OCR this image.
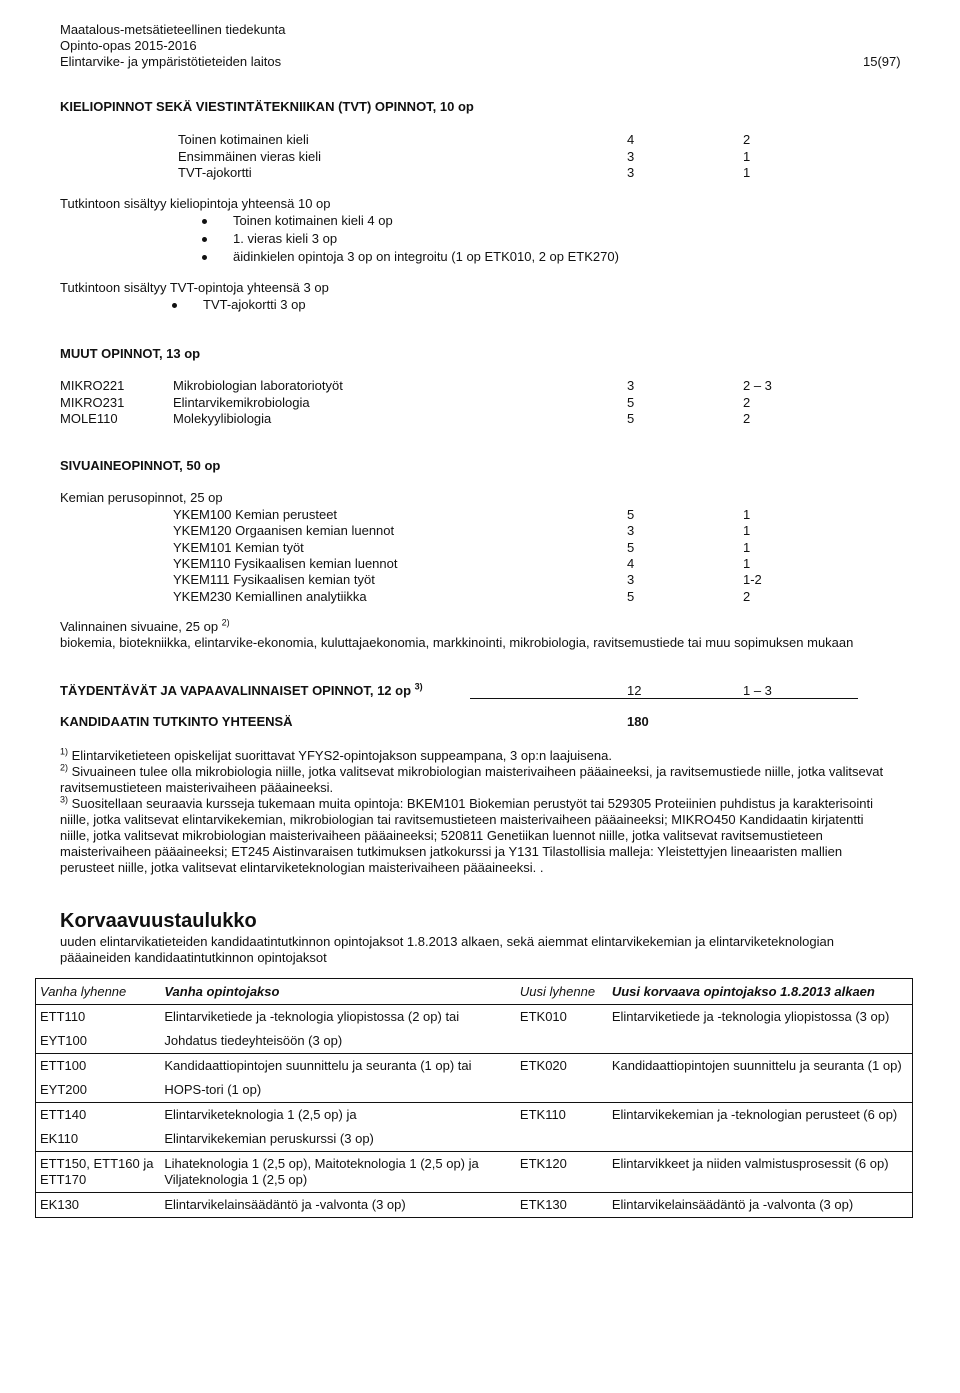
Maatalous-metsätieteellinen tiedekunta
Opinto-opas 2015-2016
Elintarvike- ja ympäristötieteiden laitos	15(97)
KIELIOPINNOT SEKÄ VIESTINTÄTEKNIIKAN (TVT) OPINNOT, 10 op
Tutkintoon sisältyy kieliopintoja yhteensä 10 op
Tutkintoon sisältyy TVT-opintoja yhteensä 3 op
MUUT OPINNOT, 13 op
SIVUAINEOPINNOT, 50 op
Kemian perusopinnot, 25 op
Valinnainen sivuaine, 25 op $^{2)}$
biokemia, biotekniikka, elintarvike-ekonomia, kuluttajaekonomia, markkinointi, mikrobiologia, ravitsemustiede tai muu sopimuksen mukaan
TÄYDENTÄVÄT JA VAPAAVALINNAISET OPINNOT, 12 op $^{3)}$	12	1 – 3
KANDIDAATIN TUTKINTO YHTEENSÄ	180
$^{1)}$ Elintarviketieteen opiskelijat suorittavat YFYS2-opintojakson suppeampana, 3 op:n laajuisena.
$^{2)}$ Sivuaineen tulee olla mikrobiologia niille, jotka valitsevat mikrobiologian maisterivaiheen pääaineeksi, ja ravitsemustiede niille, jotka valitsevat ravitsemustieteen maisterivaiheen pääaineeksi.
$^{3)}$ Suositellaan seuraavia kursseja tukemaan muita opintoja: BKEM101 Biokemian perustyöt tai 529305 Proteiinien puhdistus ja karakterisointi niille, jotka valitsevat elintarvikekemian, mikrobiologian tai ravitsemustieteen maisterivaiheen pääaineeksi; MIKRO450 Kandidaatin kirjatentti niille, jotka valitsevat mikrobiologian maisterivaiheen pääaineeksi; 520811 Genetiikan luennot niille, jotka valitsevat ravitsemustieteen maisterivaiheen pääaineeksi; ET245 Aistinvaraisen tutkimuksen jatkokurssi ja Y131 Tilastollisia malleja: Yleistettyjen lineaaristen mallien perusteet niille, jotka valitsevat elintarviketeknologian maisterivaiheen pääaineeksi. .
Korvaavuustaulukko
uuden elintarvikatieteiden kandidaatintutkinnon opintojaksot 1.8.2013 alkaen, sekä aiemmat elintarvikekemian ja elintarviketeknologian pääaineiden kandidaatintutkinnon opintojaksot
Vanha lyhenne	Vanha opintojakso	Uusi lyhenne	Uusi korvaava opintojakso 1.8.2013 alkaen
ETT110	Elintarviketiede ja -teknologia yliopistossa (2 op) tai	ETK010	Elintarviketiede ja -teknologia yliopistossa (3 op)
EYT100	Johdatus tiedeyhteisöön (3 op)		
ETT100	Kandidaattiopintojen suunnittelu ja seuranta (1 op) tai	ETK020	Kandidaattiopintojen suunnittelu ja seuranta (1 op)
EYT200	HOPS-tori (1 op)		
ETT140	Elintarviketeknologia 1 (2,5 op) ja	ETK110	Elintarvikekemian ja -teknologian perusteet (6 op)
EK110	Elintarvikekemian peruskurssi (3 op)		
ETT150, ETT160 ja ETT170	Lihateknologia 1 (2,5 op), Maitoteknologia 1 (2,5 op) ja Viljateknologia 1 (2,5 op)	ETK120	Elintarvikkeet ja niiden valmistusprosessit (6 op)
EK130	Elintarvikelainsäädäntö ja -valvonta (3 op)	ETK130	Elintarvikelainsäädäntö ja -valvonta (3 op)
Toinen kotimainen kieli	4	2
Ensimmäinen vieras kieli	3	1
TVT-ajokortti	3	1
Toinen kotimainen kieli 4 op
1. vieras kieli 3 op
äidinkielen opintoja 3 op on integroitu (1 op ETK010, 2 op ETK270)
TVT-ajokortti 3 op
MIKRO221	Mikrobiologian laboratoriotyöt	3	2 – 3
MIKRO231	Elintarvikemikrobiologia	5	2
MOLE110	Molekyylibiologia	5	2
YKEM100 Kemian perusteet	5	1
YKEM120 Orgaanisen kemian luennot	3	1
YKEM101 Kemian työt	5	1
YKEM110 Fysikaalisen kemian luennot	4	1
YKEM111 Fysikaalisen kemian työt	3	1-2
YKEM230 Kemiallinen analytiikka	5	2
